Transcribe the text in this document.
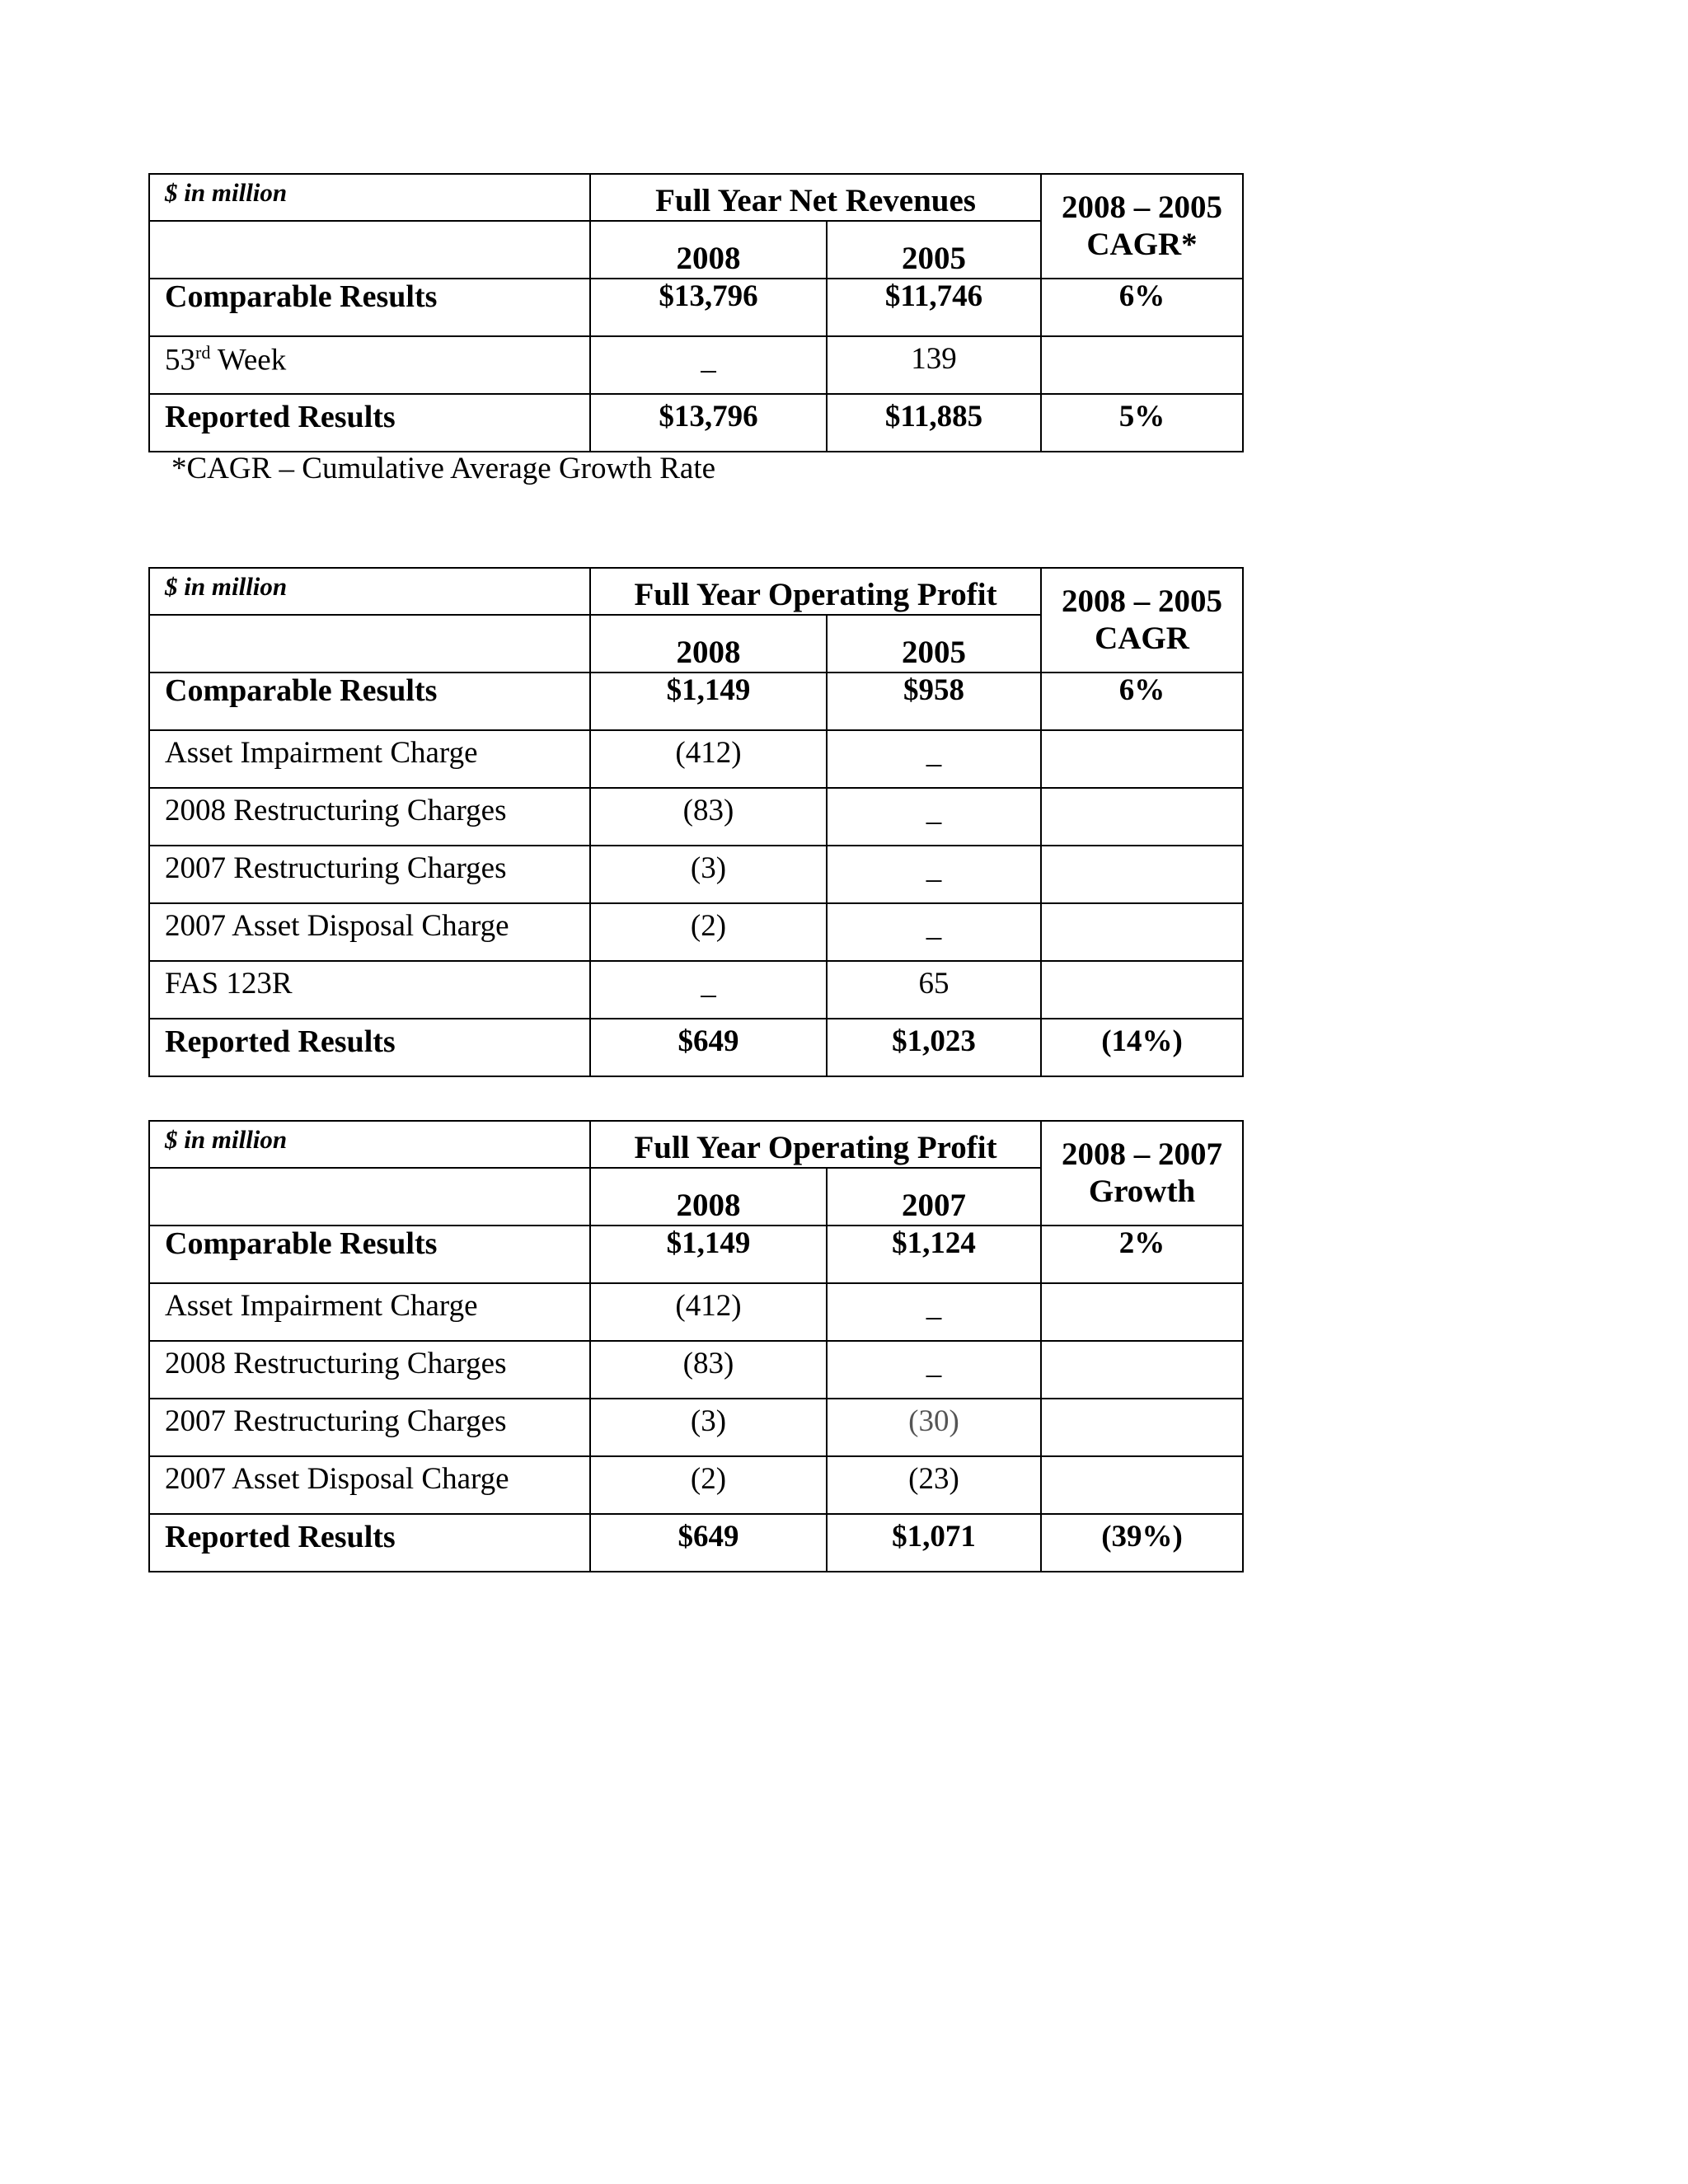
$ in million	Full Year Net Revenues		2008 – 2005
CAGR*

	2008	2005	
Comparable Results	$13,796	$11,746	6%
53rd Week	_	139	
Reported Results	$13,796	$11,885	5%
*CAGR – Cumulative Average Growth Rate
$ in million	Full Year Operating Profit		2008 – 2005
CAGR

	2008	2005	
Comparable Results	$1,149	$958	6%
Asset Impairment Charge	(412)	_	
2008 Restructuring Charges	(83)	_	
2007 Restructuring Charges	(3)	_	
2007 Asset Disposal Charge	(2)	_	
FAS 123R	_	65	
Reported Results	$649	$1,023	(14%)
$ in million	Full Year Operating Profit		2008 – 2007
Growth

	2008	2007	
Comparable Results	$1,149	$1,124	2%
Asset Impairment Charge	(412)	_	
2008 Restructuring Charges	(83)	_	
2007 Restructuring Charges	(3)	(30)	
2007 Asset Disposal Charge	(2)	(23)	
Reported Results	$649	$1,071	(39%)
